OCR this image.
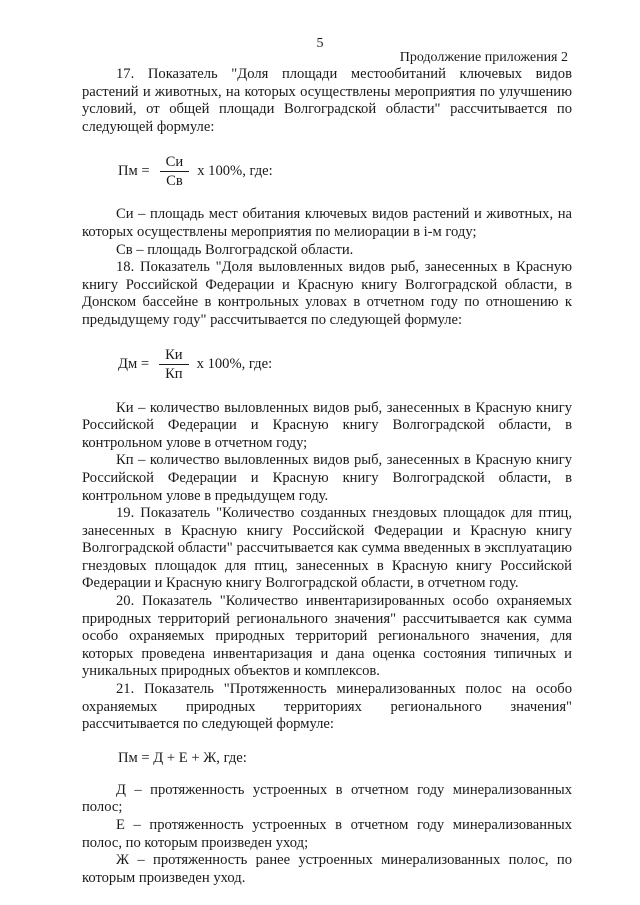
5
Продолжение приложения 2

17. Показатель "Доля площади местообитаний ключевых видов растений и животных, на которых осуществлены мероприятия по улучшению условий, от общей площади Волгоградской области" рассчитывается по следующей формуле:

Пм = $\frac{Си}{Св}$ х 100%, где:

Си – площадь мест обитания ключевых видов растений и животных, на которых осуществлены мероприятия по мелиорации в i-м году;

Св – площадь Волгоградской области.

18. Показатель "Доля выловленных видов рыб, занесенных в Красную книгу Российской Федерации и Красную книгу Волгоградской области, в Донском бассейне в контрольных уловах в отчетном году по отношению к предыдущему году" рассчитывается по следующей формуле:

Дм = $\frac{Ки}{Кп}$ х 100%, где:

Ки – количество выловленных видов рыб, занесенных в Красную книгу Российской Федерации и Красную книгу Волгоградской области, в контрольном улове в отчетном году;

Кп – количество выловленных видов рыб, занесенных в Красную книгу Российской Федерации и Красную книгу Волгоградской области, в контрольном улове в предыдущем году.

19. Показатель "Количество созданных гнездовых площадок для птиц, занесенных в Красную книгу Российской Федерации и Красную книгу Волгоградской области" рассчитывается как сумма введенных в эксплуатацию гнездовых площадок для птиц, занесенных в Красную книгу Российской Федерации и Красную книгу Волгоградской области, в отчетном году.

20. Показатель "Количество инвентаризированных особо охраняемых природных территорий регионального значения" рассчитывается как сумма особо охраняемых природных территорий регионального значения, для которых проведена инвентаризация и дана оценка состояния типичных и уникальных природных объектов и комплексов.

21. Показатель "Протяженность минерализованных полос на особо охраняемых природных территориях регионального значения" рассчитывается по следующей формуле:

Пм = Д + Е + Ж, где:

Д – протяженность устроенных в отчетном году минерализованных полос;

Е – протяженность устроенных в отчетном году минерализованных полос, по которым произведен уход;

Ж – протяженность ранее устроенных минерализованных полос, по которым произведен уход.
